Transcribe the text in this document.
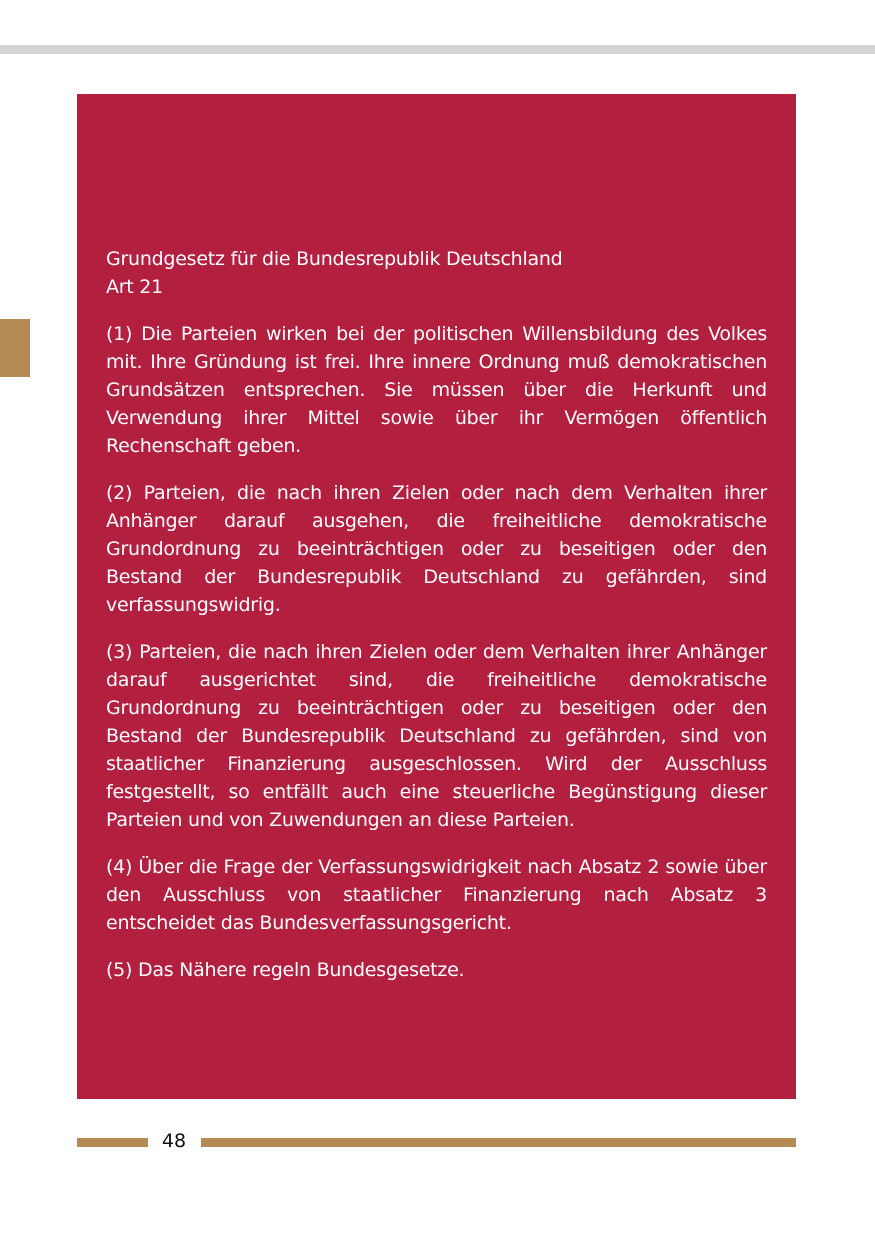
Grundgesetz für die Bundesrepublik Deutschland
Art 21

(1) Die Parteien wirken bei der politischen Willensbildung des Volkes mit. Ihre Gründung ist frei. Ihre innere Ordnung muß demokratischen Grundsätzen entsprechen. Sie müssen über die Herkunft und Verwendung ihrer Mittel sowie über ihr Vermögen öffentlich Rechenschaft geben.

(2) Parteien, die nach ihren Zielen oder nach dem Verhalten ihrer Anhänger darauf ausgehen, die freiheitliche demokratische Grundordnung zu beeinträchtigen oder zu beseitigen oder den Bestand der Bundesrepublik Deutschland zu gefährden, sind verfassungswidrig.

(3) Parteien, die nach ihren Zielen oder dem Verhalten ihrer Anhänger darauf ausgerichtet sind, die freiheitliche demokratische Grundordnung zu beeinträchtigen oder zu beseitigen oder den Bestand der Bundesrepublik Deutschland zu gefährden, sind von staatlicher Finanzierung ausgeschlossen. Wird der Ausschluss festgestellt, so entfällt auch eine steuerliche Begünstigung dieser Parteien und von Zuwendungen an diese Parteien.

(4) Über die Frage der Verfassungswidrigkeit nach Absatz 2 sowie über den Ausschluss von staatlicher Finanzierung nach Absatz 3 entscheidet das Bundesverfassungsgericht.

(5) Das Nähere regeln Bundesgesetze.

48
